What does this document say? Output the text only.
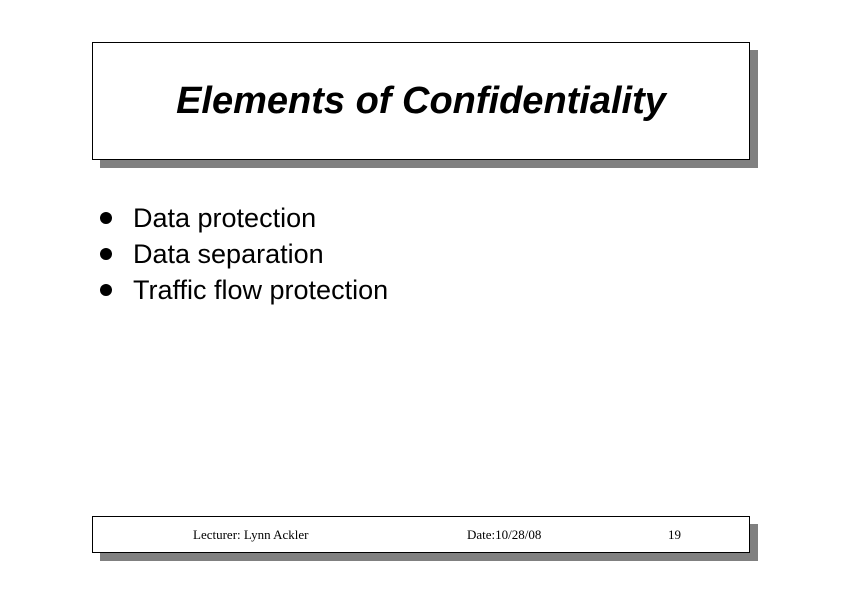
Elements of Confidentiality
Data protection
Data separation
Traffic flow protection
Lecturer: Lynn Ackler	Date:10/28/08	19
